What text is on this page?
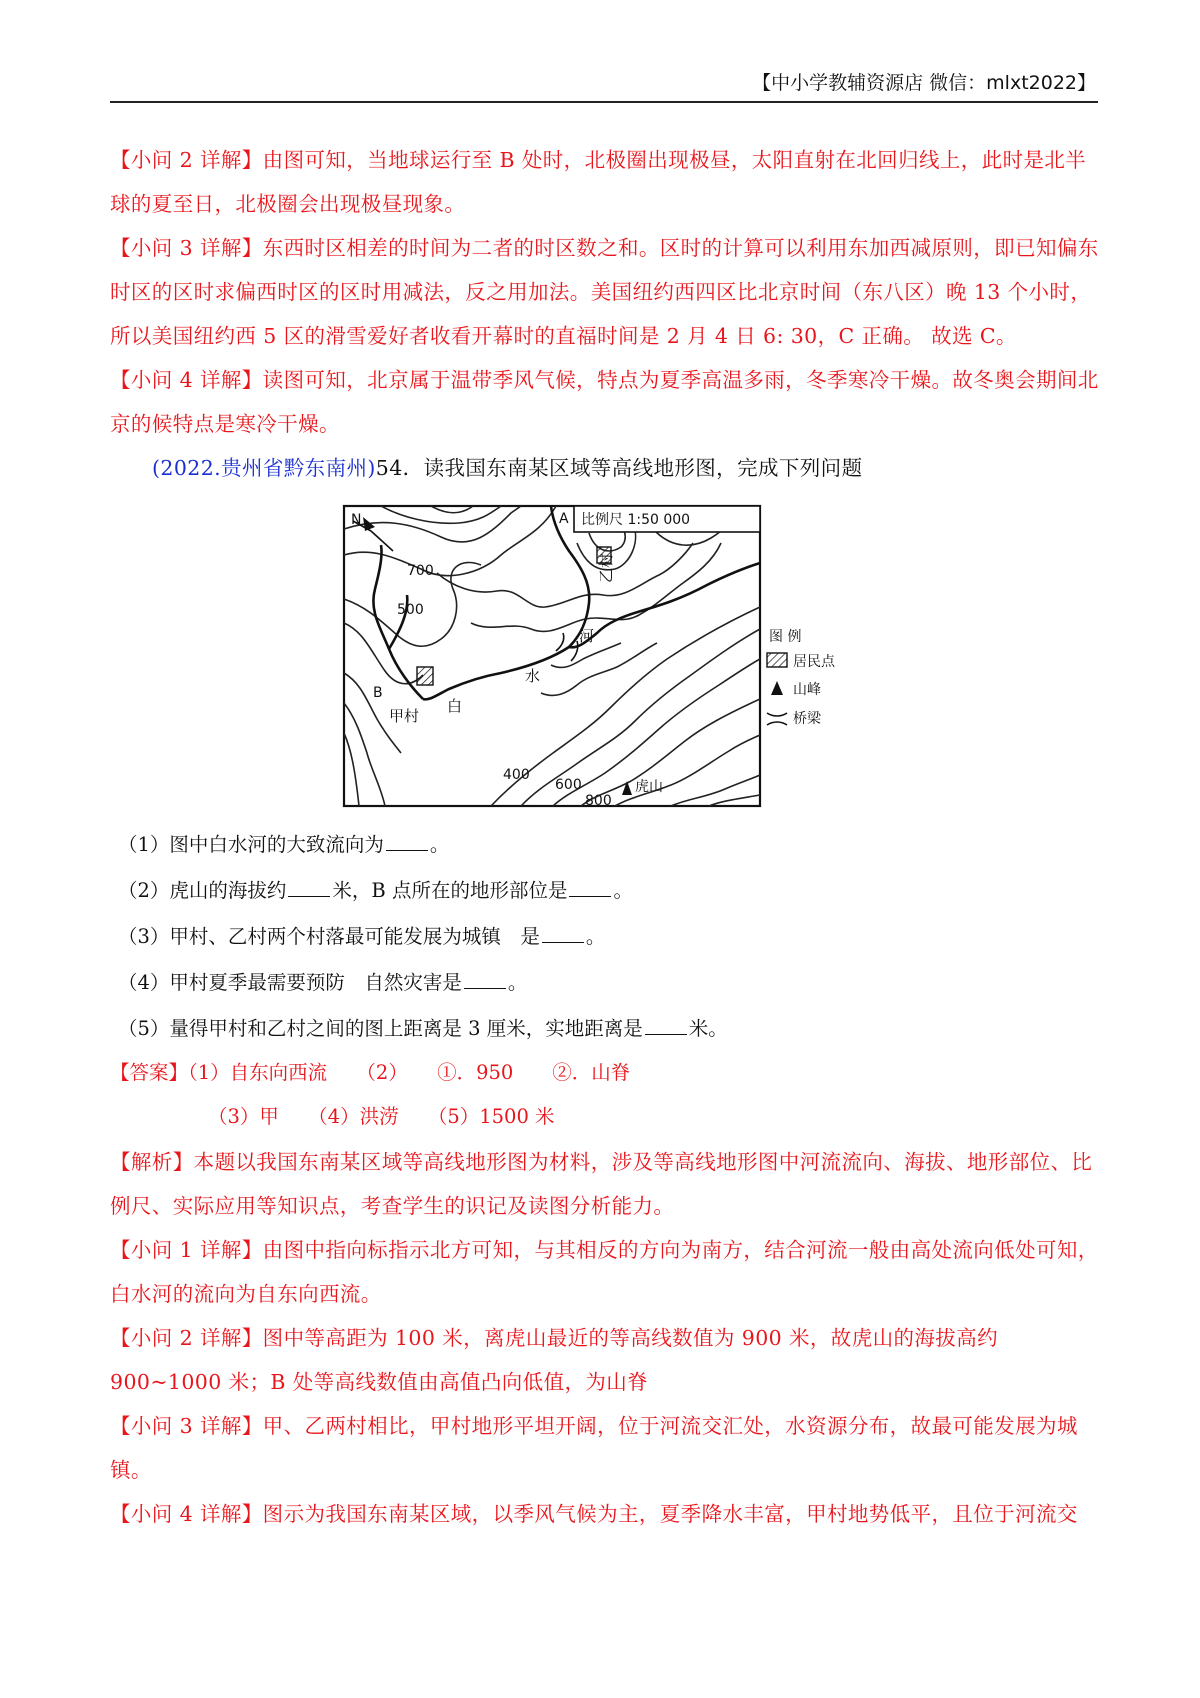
【中小学教辅资源店 微信：mlxt2022】
【小问 2 详解】由图可知，当地球运行至 B 处时，北极圈出现极昼，太阳直射在北回归线上，此时是北半球的夏至日，北极圈会出现极昼现象。
【小问 3 详解】东西时区相差的时间为二者的时区数之和。区时的计算可以利用东加西减原则，即已知偏东时区的区时求偏西时区的区时用减法，反之用加法。美国纽约西四区比北京时间（东八区）晚 13 个小时，所以美国纽约西 5 区的滑雪爱好者收看开幕时的直福时间是 2 月 4 日 6: 30，C 正确。 故选 C。
【小问 4 详解】读图可知，北京属于温带季风气候，特点为夏季高温多雨，冬季寒冷干燥。故冬奥会期间北京的候特点是寒冷干燥。
(2022.贵州省黔东南州)54．读我国东南某区域等高线地形图，完成下列问题
N	比例尺 1:50 000
A
B
700
500
400
600
800
甲村
乙村
白
水
河
虎山
图 例
居民点
山峰
桥梁
（1）图中白水河的大致流向为 。
（2）虎山的海拔约 米，B 点所在的地形部位是 。
（3）甲村、乙村两个村落最可能发展为城镇　是 。
（4）甲村夏季最需要预防　自然灾害是 。
（5）量得甲村和乙村之间的图上距离是 3 厘米，实地距离是 米。
【答案】（1）自东向西流　　（2）　　①．950　　②．山脊
（3）甲　　（4）洪涝　　（5）1500 米
【解析】本题以我国东南某区域等高线地形图为材料，涉及等高线地形图中河流流向、海拔、地形部位、比例尺、实际应用等知识点，考查学生的识记及读图分析能力。
【小问 1 详解】由图中指向标指示北方可知，与其相反的方向为南方，结合河流一般由高处流向低处可知，白水河的流向为自东向西流。
【小问 2 详解】图中等高距为 100 米，离虎山最近的等高线数值为 900 米，故虎山的海拔高约 900~1000 米；B 处等高线数值由高值凸向低值，为山脊
【小问 3 详解】甲、乙两村相比，甲村地形平坦开阔，位于河流交汇处，水资源分布，故最可能发展为城镇。
【小问 4 详解】图示为我国东南某区域，以季风气候为主，夏季降水丰富，甲村地势低平，且位于河流交
